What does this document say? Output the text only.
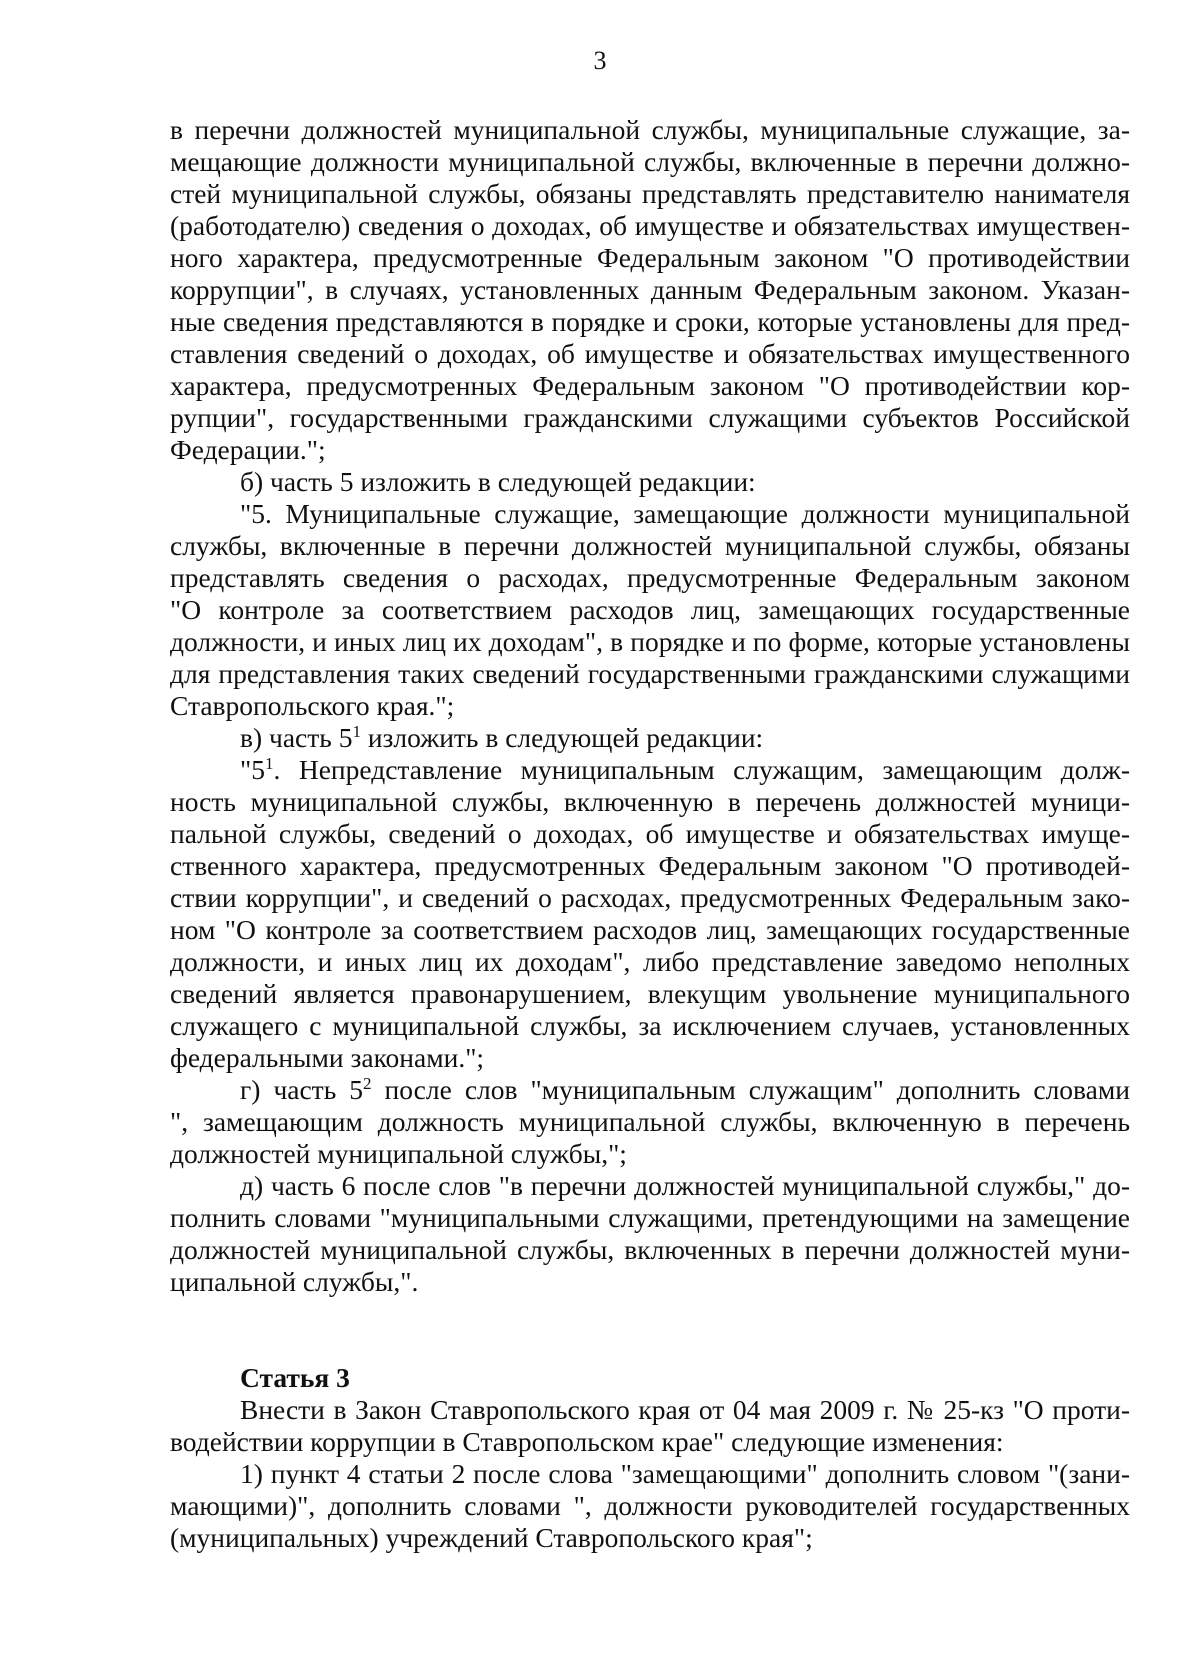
3
в перечни должностей муниципальной службы, муниципальные служащие, за-
мещающие должности муниципальной службы, включенные в перечни должно-
стей муниципальной службы, обязаны представлять представителю нанимателя
(работодателю) сведения о доходах, об имуществе и обязательствах имуществен-
ного характера, предусмотренные Федеральным законом "О противодействии
коррупции", в случаях, установленных данным Федеральным законом. Указан-
ные сведения представляются в порядке и сроки, которые установлены для пред-
ставления сведений о доходах, об имуществе и обязательствах имущественного
характера, предусмотренных Федеральным законом "О противодействии кор-
рупции", государственными гражданскими служащими субъектов Российской
Федерации.";
б) часть 5 изложить в следующей редакции:
"5. Муниципальные служащие, замещающие должности муниципальной
службы, включенные в перечни должностей муниципальной службы, обязаны
представлять сведения о расходах, предусмотренные Федеральным законом
"О контроле за соответствием расходов лиц, замещающих государственные
должности, и иных лиц их доходам", в порядке и по форме, которые установлены
для представления таких сведений государственными гражданскими служащими
Ставропольского края.";
в) часть $5^1$ изложить в следующей редакции:
"$5^1$. Непредставление муниципальным служащим, замещающим долж-
ность муниципальной службы, включенную в перечень должностей муници-
пальной службы, сведений о доходах, об имуществе и обязательствах имуще-
ственного характера, предусмотренных Федеральным законом "О противодей-
ствии коррупции", и сведений о расходах, предусмотренных Федеральным зако-
ном "О контроле за соответствием расходов лиц, замещающих государственные
должности, и иных лиц их доходам", либо представление заведомо неполных
сведений является правонарушением, влекущим увольнение муниципального
служащего с муниципальной службы, за исключением случаев, установленных
федеральными законами.";
г) часть $5^2$ после слов "муниципальным служащим" дополнить словами
", замещающим должность муниципальной службы, включенную в перечень
должностей муниципальной службы,";
д) часть 6 после слов "в перечни должностей муниципальной службы," до-
полнить словами "муниципальными служащими, претендующими на замещение
должностей муниципальной службы, включенных в перечни должностей муни-
ципальной службы,".
Статья 3
Внести в Закон Ставропольского края от 04 мая 2009 г. № 25-кз "О проти-
водействии коррупции в Ставропольском крае" следующие изменения:
1) пункт 4 статьи 2 после слова "замещающими" дополнить словом "(зани-
мающими)", дополнить словами ", должности руководителей государственных
(муниципальных) учреждений Ставропольского края";
